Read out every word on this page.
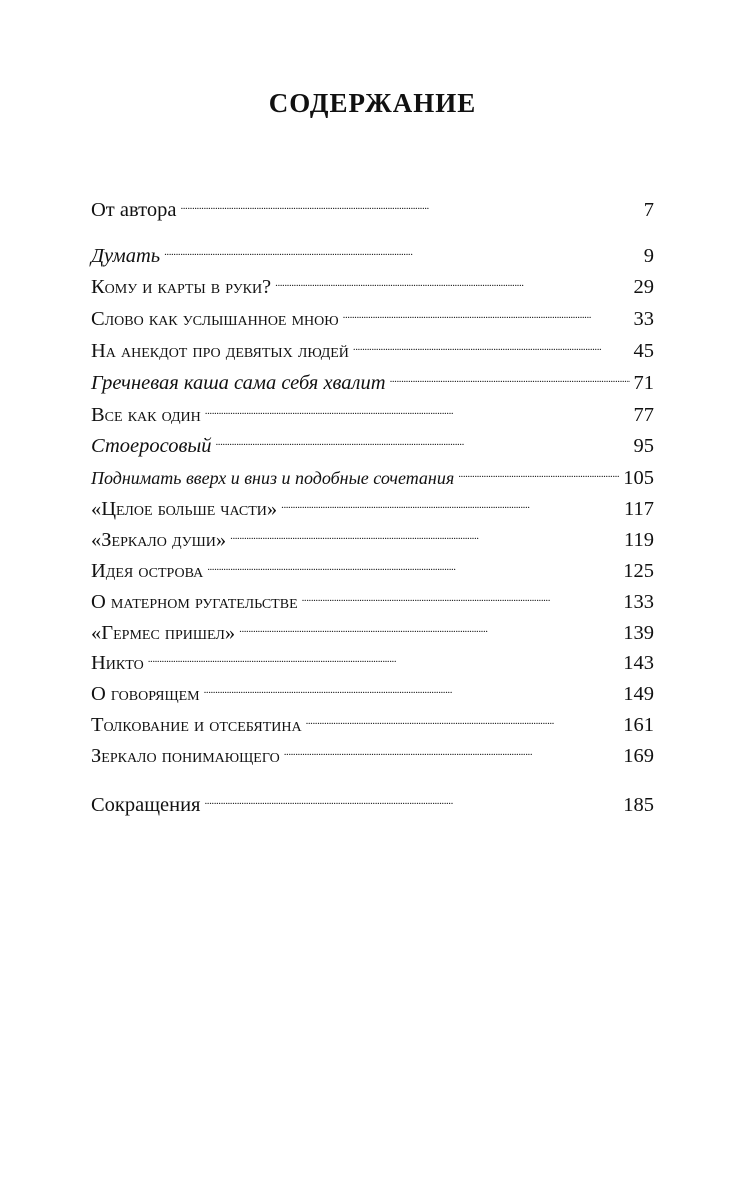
СОДЕРЖАНИЕ
От автора . . .	7
Думать . . .	9
Кому и карты в руки? . . .	29
Слово как услышанное мною . . .	33
На анекдот про девятых людей . . .	45
Гречневая каша сама себя хвалит . . .	71
Все как один . . .	77
Стоеросовый . . .	95
Поднимать вверх и вниз и подобные сочетания . . .	105
«Целое больше части» . . .	117
«Зеркало души» . . .	119
Идея острова . . .	125
О матерном ругательстве . . .	133
«Гермес пришел» . . .	139
Никто . . .	143
О говорящем . . .	149
Толкование и отсебятина . . .	161
Зеркало понимающего . . .	169
Сокращения . . .	185
